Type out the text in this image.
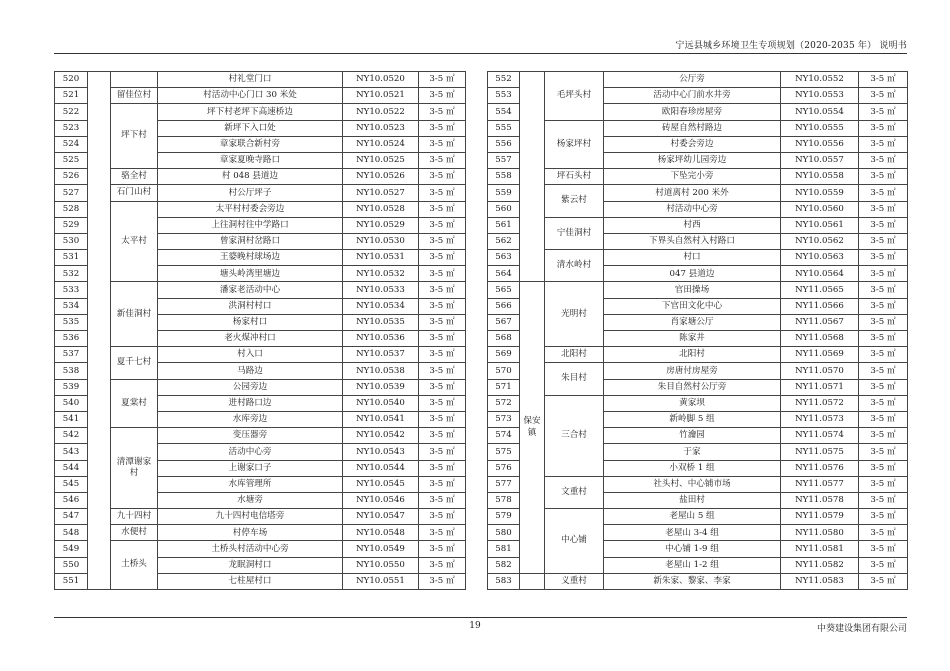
宁远县城乡环境卫生专项规划（2020-2035 年） 说明书
520			村礼堂门口	NY10.0520	3-5 ㎡
521		留佳位村	村活动中心门口 30 米处	NY10.0521	3-5 ㎡
522		坪下村	坪下村老坪下高速桥边	NY10.0522	3-5 ㎡
523			新坪下入口处	NY10.0523	3-5 ㎡
524			章家联合新村旁	NY10.0524	3-5 ㎡
525			章家夏晚寺路口	NY10.0525	3-5 ㎡
526		骆全村	村 048 县道边	NY10.0526	3-5 ㎡
527		石门山村	村公厅坪子	NY10.0527	3-5 ㎡
528		太平村	太平村村委会旁边	NY10.0528	3-5 ㎡
529			上往洞村往中学路口	NY10.0529	3-5 ㎡
530			曾家洞村岔路口	NY10.0530	3-5 ㎡
531			王婆晚村球场边	NY10.0531	3-5 ㎡
532			塘头岭湾里塘边	NY10.0532	3-5 ㎡
533		新佳洞村	潘家老活动中心	NY10.0533	3-5 ㎡
534			洪洞村村口	NY10.0534	3-5 ㎡
535			杨家村口	NY10.0535	3-5 ㎡
536			老火煤冲村口	NY10.0536	3-5 ㎡
537		夏千七村	村入口	NY10.0537	3-5 ㎡
538			马路边	NY10.0538	3-5 ㎡
539		夏棠村	公园旁边	NY10.0539	3-5 ㎡
540			进村路口边	NY10.0540	3-5 ㎡
541			水库旁边	NY10.0541	3-5 ㎡
542		清潭谢家村	变压器旁	NY10.0542	3-5 ㎡
543			活动中心旁	NY10.0543	3-5 ㎡
544			上谢家口子	NY10.0544	3-5 ㎡
545			水库管理所	NY10.0545	3-5 ㎡
546			水塘旁	NY10.0546	3-5 ㎡
547		九十四村	九十四村电信塔旁	NY10.0547	3-5 ㎡
548		水便村	村停车场	NY10.0548	3-5 ㎡
549		土桥头	土桥头村活动中心旁	NY10.0549	3-5 ㎡
550			龙眠洞村口	NY10.0550	3-5 ㎡
551			七柱屋村口	NY10.0551	3-5 ㎡
552		毛坪头村	公厅旁	NY10.0552	3-5 ㎡
553			活动中心门前水井旁	NY10.0553	3-5 ㎡
554			欧阳春珍房屋旁	NY10.0554	3-5 ㎡
555		杨家坪村	砖屋自然村路边	NY10.0555	3-5 ㎡
556			村委会旁边	NY10.0556	3-5 ㎡
557			杨家坪幼儿园旁边	NY10.0557	3-5 ㎡
558		坪石头村	下坠完小旁	NY10.0558	3-5 ㎡
559		紫云村	村道离村 200 米外	NY10.0559	3-5 ㎡
560			村活动中心旁	NY10.0560	3-5 ㎡
561		宁佳洞村	村西	NY10.0561	3-5 ㎡
562			下界头自然村入村路口	NY10.0562	3-5 ㎡
563		清水岭村	村口	NY10.0563	3-5 ㎡
564			047 县道边	NY10.0564	3-5 ㎡
565	保安镇	光明村	官田操场	NY11.0565	3-5 ㎡
566			下官田文化中心	NY11.0566	3-5 ㎡
567			肖家塘公厅	NY11.0567	3-5 ㎡
568			陈家井	NY11.0568	3-5 ㎡
569		北阳村	北阳村	NY11.0569	3-5 ㎡
570		朱目村	房唐付房屋旁	NY11.0570	3-5 ㎡
571			朱目自然村公厅旁	NY11.0571	3-5 ㎡
572		三合村	黄家坝	NY11.0572	3-5 ㎡
573			新岭脚 5 组	NY11.0573	3-5 ㎡
574			竹瀹园	NY11.0574	3-5 ㎡
575			于家	NY11.0575	3-5 ㎡
576			小双桥 1 组	NY11.0576	3-5 ㎡
577		文重村	社头村、中心铺市场	NY11.0577	3-5 ㎡
578			盐田村	NY11.0578	3-5 ㎡
579		中心铺	老屋山 5 组	NY11.0579	3-5 ㎡
580			老屋山 3-4 组	NY11.0580	3-5 ㎡
581			中心铺 1-9 组	NY11.0581	3-5 ㎡
582			老屋山 1-2 组	NY11.0582	3-5 ㎡
583		义重村	新朱家、黎家、李家	NY11.0583	3-5 ㎡
19	中葵建设集团有限公司
